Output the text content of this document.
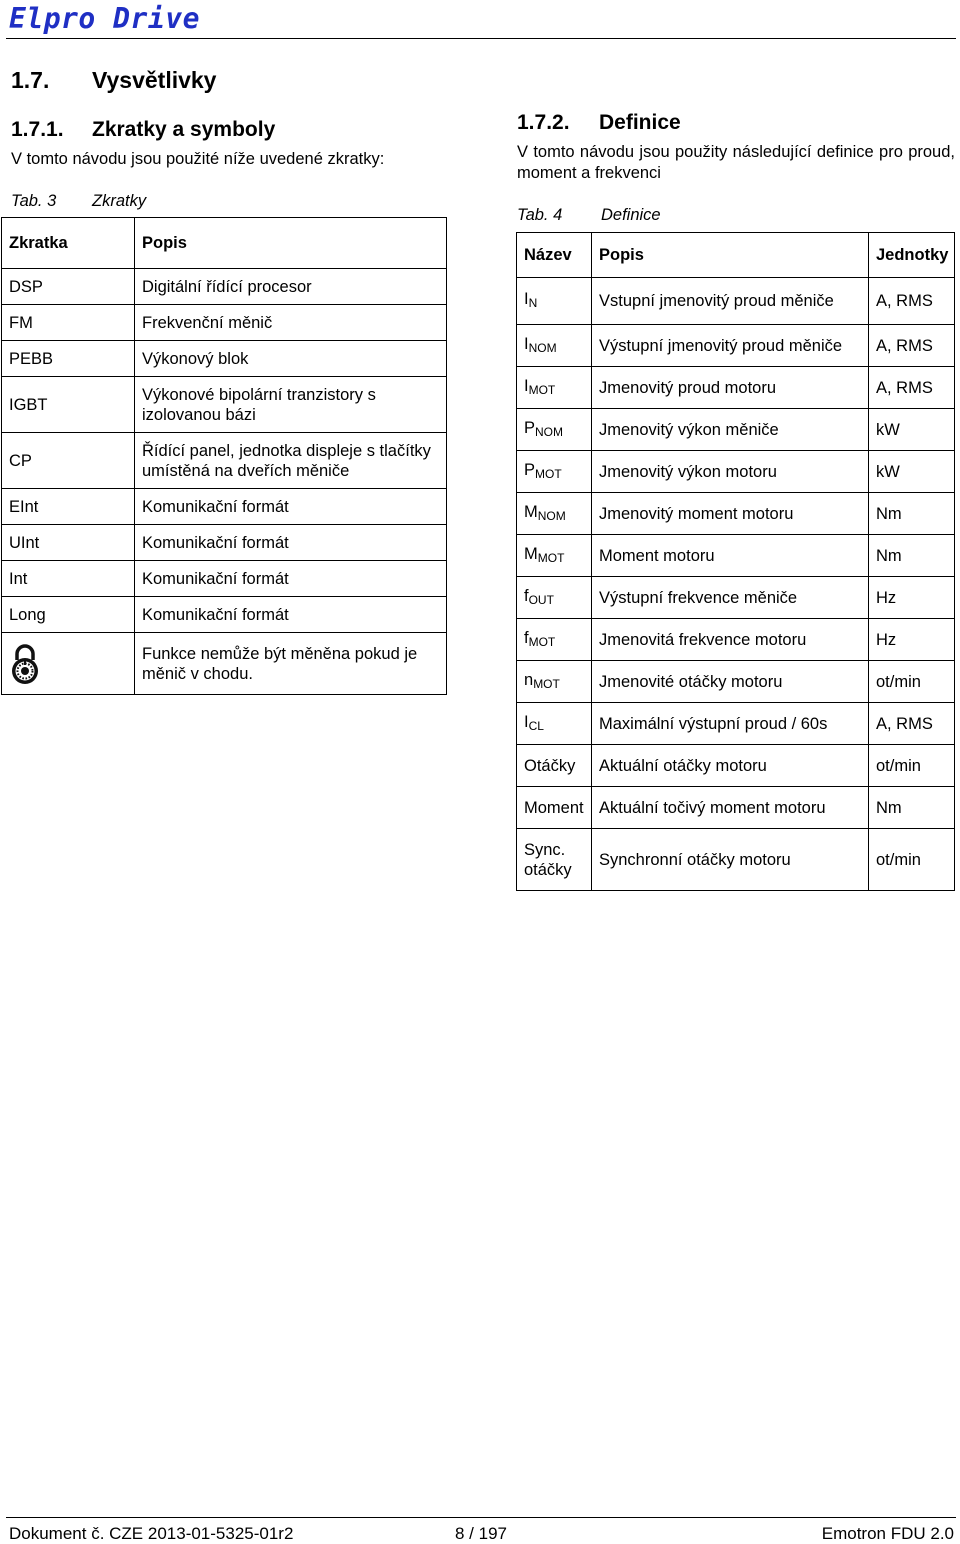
Elpro Drive
1.7. Vysvětlivky
1.7.1. Zkratky a symboly
V tomto návodu jsou použité níže uvedené zkratky:
Tab. 3 Zkratky
Zkratka	Popis
DSP	Digitální řídící procesor
FM	Frekvenční měnič
PEBB	Výkonový blok
IGBT	Výkonové bipolární tranzistory s izolovanou bázi
CP	Řídící panel, jednotka displeje s tlačítky umístěná na dveřích měniče
EInt	Komunikační formát
UInt	Komunikační formát
Int	Komunikační formát
Long	Komunikační formát

	Funkce nemůže být měněna pokud je měnič v chodu.
1.7.2. Definice
V tomto návodu jsou použity následující definice pro proud, moment a frekvenci
Tab. 4 Definice
Název	Popis	Jednotky
$I_N$	Vstupní jmenovitý proud měniče	A, RMS
$I_{NOM}$	Výstupní jmenovitý proud měniče	A, RMS
$I_{MOT}$	Jmenovitý proud motoru	A, RMS
$P_{NOM}$	Jmenovitý výkon měniče	kW
$P_{MOT}$	Jmenovitý výkon motoru	kW
$M_{NOM}$	Jmenovitý moment motoru	Nm
$M_{MOT}$	Moment motoru	Nm
$f_{OUT}$	Výstupní frekvence měniče	Hz
$f_{MOT}$	Jmenovitá frekvence motoru	Hz
$n_{MOT}$	Jmenovité otáčky motoru	ot/min
$I_{CL}$	Maximální výstupní proud / 60s	A, RMS
Otáčky	Aktuální otáčky motoru	ot/min
Moment	Aktuální točivý moment motoru	Nm
Sync. otáčky	Synchronní otáčky motoru	ot/min
Dokument č. CZE 2013-01-5325-01r2	8 / 197	Emotron FDU 2.0
